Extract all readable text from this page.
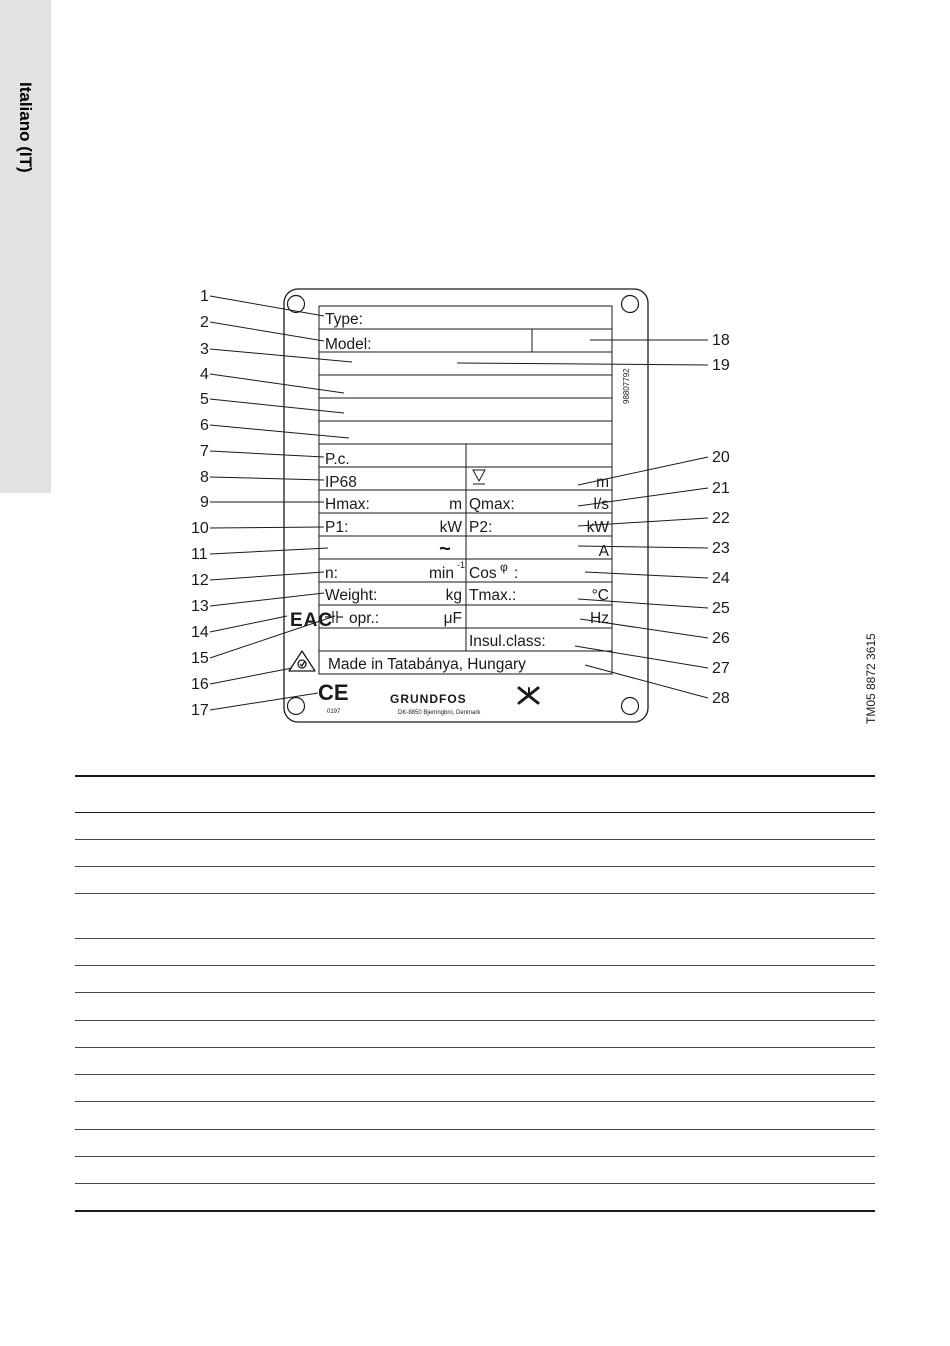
Italiano (IT)
Type:
Model:
P.c.
IP68	m
Hmax:	m Qmax:	l/s
P1:	kW P2:	kW
~	A
n:	min -1 Cos φ :
Weight:	kg Tmax.:	°C
opr.:	μF	Hz
Insul.class:
Made in Tatabánya, Hungary
98807792
EAC
CE
0197
GRUNDFOS
DK-8850 Bjerringbro, Denmark
1
2
3
4
5
6
7
8
9
10
11
12
13
14
15
16
17
18
19
20
21
22
23
24
25
26
27
28	TM05 8872 3615
